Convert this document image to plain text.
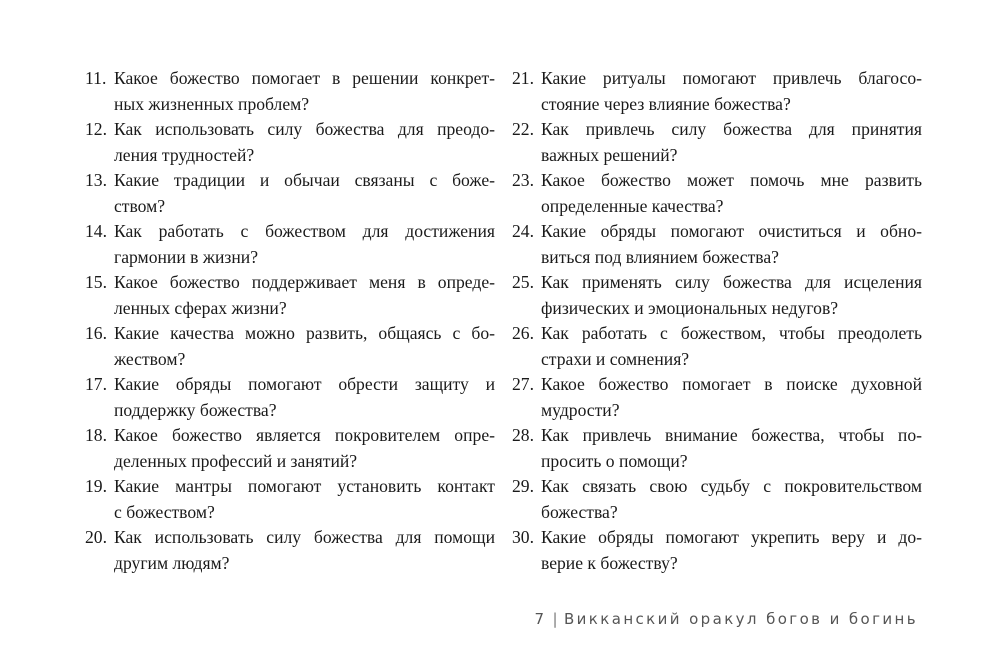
11. Какое божество помогает в решении конкрет-
ных жизненных проблем?
12. Как использовать силу божества для преодо-
ления трудностей?
13. Какие традиции и обычаи связаны с боже-
ством?
14. Как работать с божеством для достижения
гармонии в жизни?
15. Какое божество поддерживает меня в опреде-
ленных сферах жизни?
16. Какие качества можно развить, общаясь с бо-
жеством?
17. Какие обряды помогают обрести защиту и
поддержку божества?
18. Какое божество является покровителем опре-
деленных профессий и занятий?
19. Какие мантры помогают установить контакт
с божеством?
20. Как использовать силу божества для помощи
другим людям?
21. Какие ритуалы помогают привлечь благосо-
стояние через влияние божества?
22. Как привлечь силу божества для принятия
важных решений?
23. Какое божество может помочь мне развить
определенные качества?
24. Какие обряды помогают очиститься и обно-
виться под влиянием божества?
25. Как применять силу божества для исцеления
физических и эмоциональных недугов?
26. Как работать с божеством, чтобы преодолеть
страхи и сомнения?
27. Какое божество помогает в поиске духовной
мудрости?
28. Как привлечь внимание божества, чтобы по-
просить о помощи?
29. Как связать свою судьбу с покровительством
божества?
30. Какие обряды помогают укрепить веру и до-
верие к божеству?
7 | Викканский оракул богов и богинь
